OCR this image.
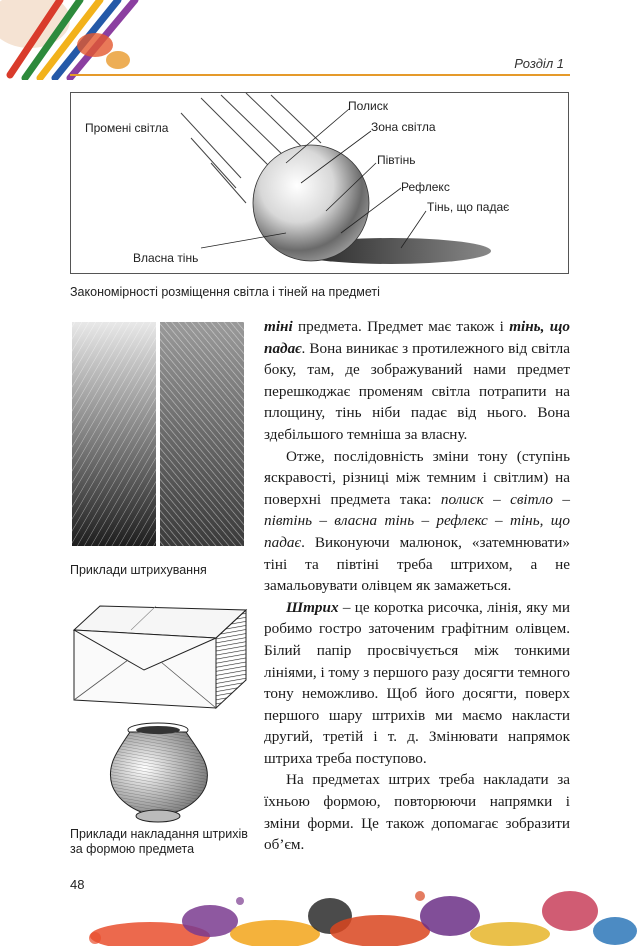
Розділ 1
Промені світла
Полиск
Зона світла
Півтінь
Рефлекс
Тінь, що падає
Власна тінь
Закономірності розміщення світла і тіней на предметі
Приклади штрихування
Приклади накладання штрихів за формою предмета

тіні предмета. Предмет має також і тінь, що падає. Вона виникає з протилежного від світла боку, там, де зображуваний нами предмет перешкоджає променям світла потрапити на площину, тінь ніби падає від нього. Вона здебільшого темніша за власну.

Отже, послідовність зміни тону (ступінь яскравості, різниці між темним і світлим) на поверхні предмета така: полиск – світло – півтінь – власна тінь – рефлекс – тінь, що падає. Виконуючи малюнок, «затемнювати» тіні та півтіні треба штрихом, а не замальовувати олівцем як замажеться.

Штрих – це коротка рисочка, лінія, яку ми робимо гостро заточеним графітним олівцем. Білий папір просвічується між тонкими лініями, і тому з першого разу досягти темного тону неможливо. Щоб його досягти, поверх першого шару штрихів ми маємо накласти другий, третій і т. д. Змінювати напрямок штриха треба поступово.

На предметах штрих треба накладати за їхньою формою, повторюючи напрямки і зміни форми. Це також допомагає зобразити об’єм.

48
